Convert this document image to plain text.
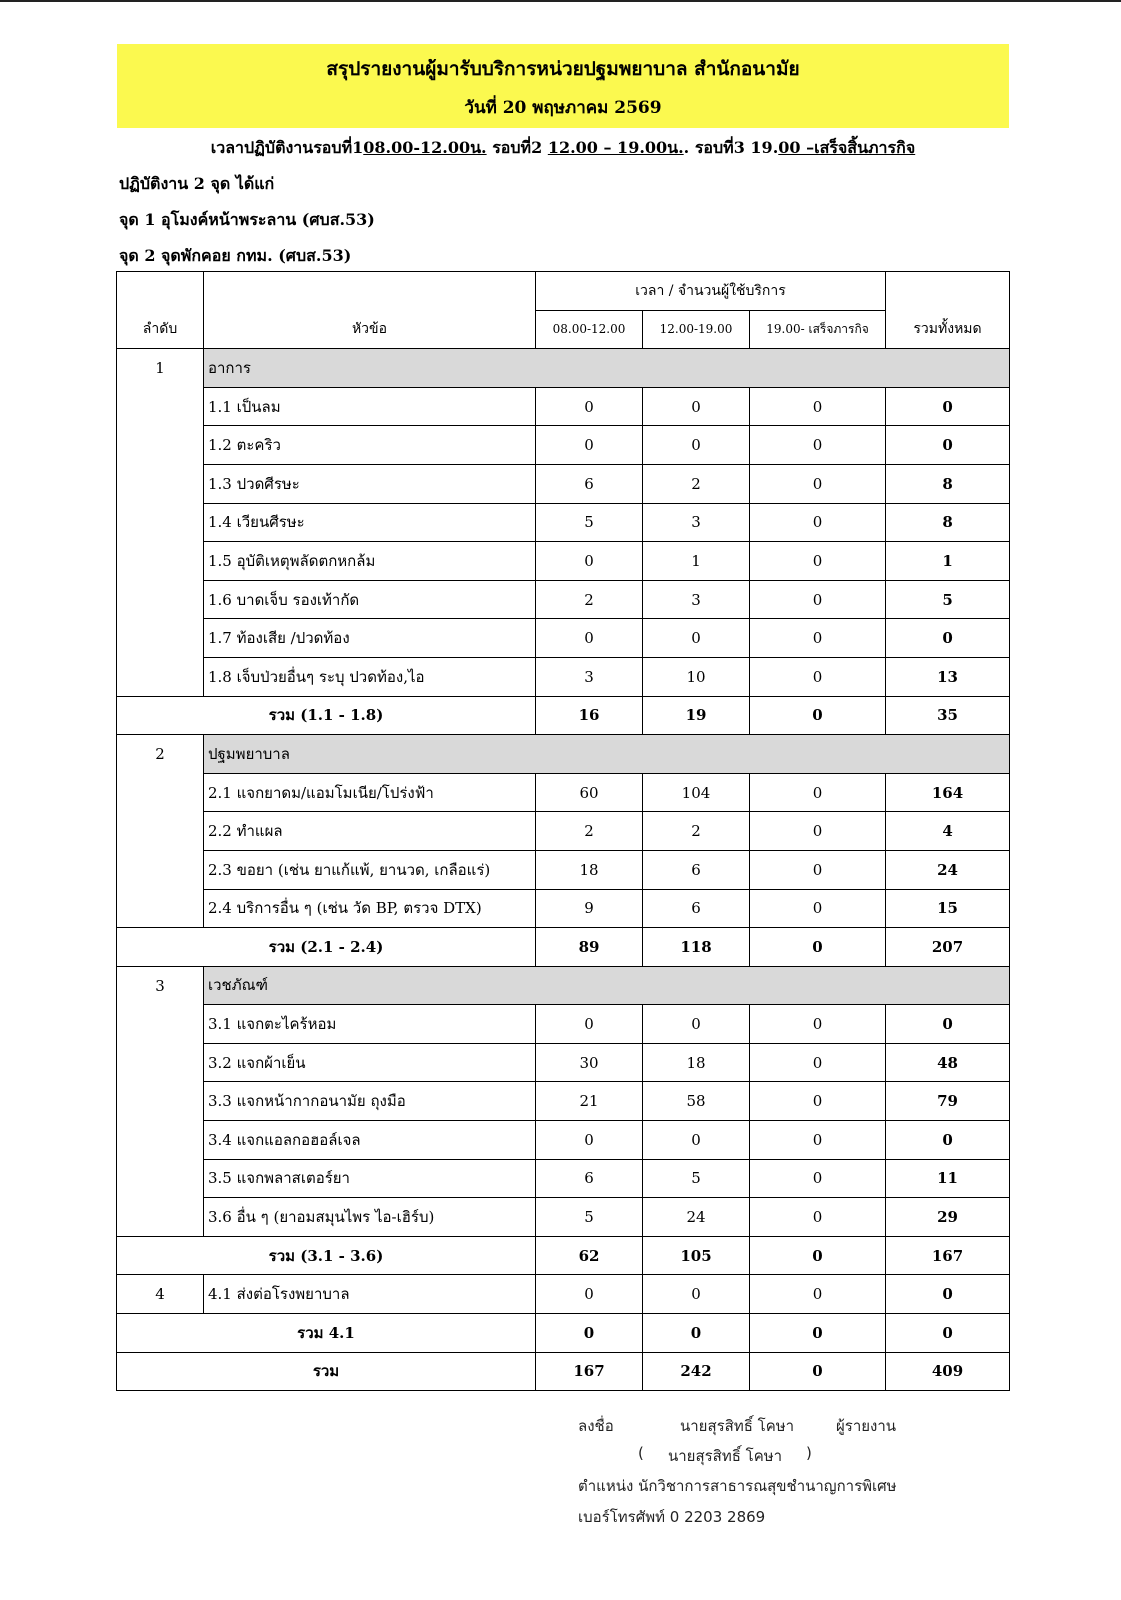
สรุปรายงานผู้มารับบริการหน่วยปฐมพยาบาล สำนักอนามัย
วันที่ 20 พฤษภาคม 2569
เวลาปฏิบัติงานรอบที่108.00-12.00น. รอบที่2 12.00 – 19.00น.. รอบที่3 19.00 –เสร็จสิ้นภารกิจ
ปฏิบัติงาน 2 จุด ได้แก่
จุด 1 อุโมงค์หน้าพระลาน (ศบส.53)
จุด 2 จุดพักคอย กทม. (ศบส.53)
ลำดับ	หัวข้อ	เวลา / จำนวนผู้ใช้บริการ			รวมทั้งหมด
		08.00-12.00	12.00-19.00	19.00- เสร็จภารกิจ	
1	อาการ				
	1.1 เป็นลม	0	0	0	0
	1.2 ตะคริว	0	0	0	0
	1.3 ปวดศีรษะ	6	2	0	8
	1.4 เวียนศีรษะ	5	3	0	8
	1.5 อุบัติเหตุพลัดตกหกล้ม	0	1	0	1
	1.6 บาดเจ็บ รองเท้ากัด	2	3	0	5
	1.7 ท้องเสีย /ปวดท้อง	0	0	0	0
	1.8 เจ็บป่วยอื่นๆ ระบุ ปวดท้อง,ไอ	3	10	0	13
รวม (1.1 - 1.8)		16	19	0	35
2	ปฐมพยาบาล				
	2.1 แจกยาดม/แอมโมเนีย/โปร่งฟ้า	60	104	0	164
	2.2 ทำแผล	2	2	0	4
	2.3 ขอยา (เช่น ยาแก้แพ้, ยานวด, เกลือแร่)	18	6	0	24
	2.4 บริการอื่น ๆ (เช่น วัด BP, ตรวจ DTX)	9	6	0	15
รวม (2.1 - 2.4)		89	118	0	207
3	เวชภัณฑ์				
	3.1 แจกตะไคร้หอม	0	0	0	0
	3.2 แจกผ้าเย็น	30	18	0	48
	3.3 แจกหน้ากากอนามัย ถุงมือ	21	58	0	79
	3.4 แจกแอลกอฮอล์เจล	0	0	0	0
	3.5 แจกพลาสเตอร์ยา	6	5	0	11
	3.6 อื่น ๆ (ยาอมสมุนไพร ไอ-เฮิร์บ)	5	24	0	29
รวม (3.1 - 3.6)		62	105	0	167
4	4.1 ส่งต่อโรงพยาบาล	0	0	0	0
รวม 4.1		0	0	0	0
รวม		167	242	0	409
ลงชื่อ	นายสุรสิทธิ์ โคษา	ผู้รายงาน
( นายสุรสิทธิ์ โคษา )
ตำแหน่ง นักวิชาการสาธารณสุขชำนาญการพิเศษ
เบอร์โทรศัพท์ 0 2203 2869
